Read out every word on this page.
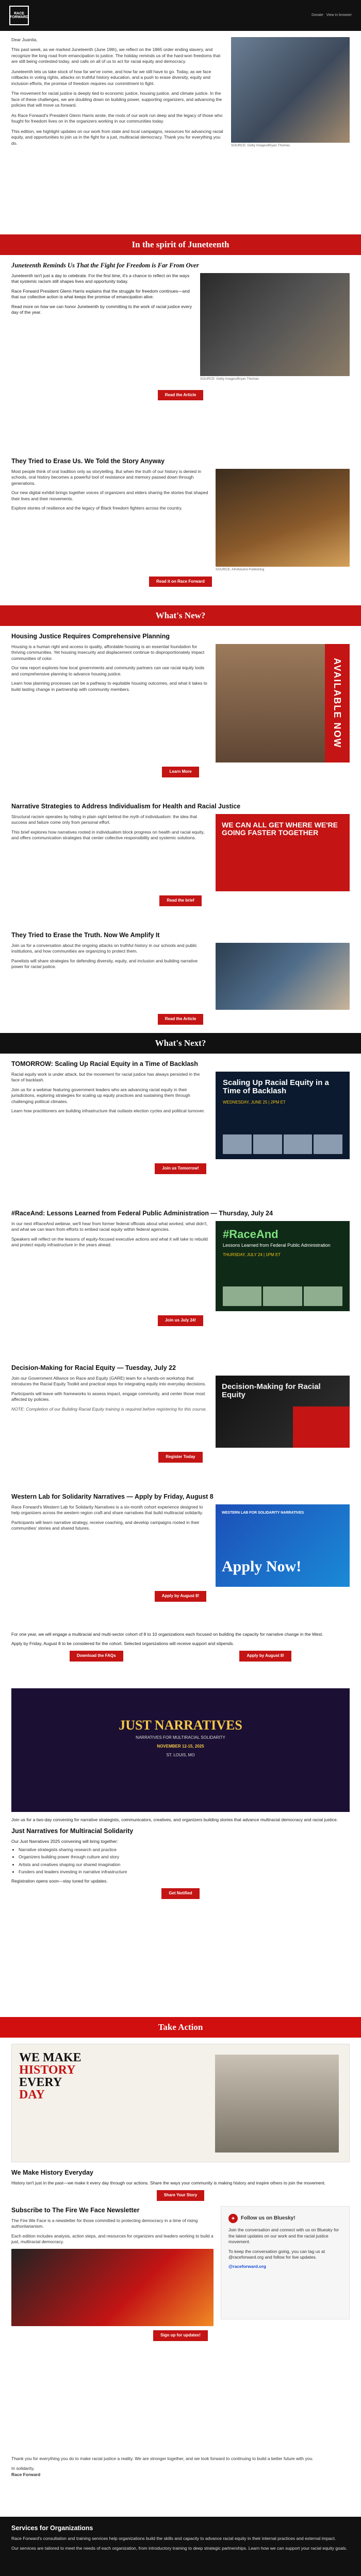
RACE
FORWARD
Donate View in browser
SOURCE: Getty Images/Bryan Thomas

Dear Juanita,

This past week, as we marked Juneteenth (June 19th), we reflect on the 1865 order ending slavery, and recognize the long road from emancipation to justice. The holiday reminds us of the hard-won freedoms that are still being contested today, and calls on all of us to act for racial equity and democracy.

Juneteenth lets us take stock of how far we've come, and how far we still have to go. Today, as we face rollbacks in voting rights, attacks on truthful history education, and a push to erase diversity, equity and inclusion efforts, the promise of freedom requires our commitment to fight.

The movement for racial justice is deeply tied to economic justice, housing justice, and climate justice. In the face of these challenges, we are doubling down on building power, supporting organizers, and advancing the policies that will move us forward.

As Race Forward's President Glenn Harris wrote, the roots of our work run deep and the legacy of those who fought for freedom lives on in the organizers working in our communities today.

This edition, we highlight updates on our work from state and local campaigns, resources for advancing racial equity, and opportunities to join us in the fight for a just, multiracial democracy. Thank you for everything you do.

In the spirit of Juneteenth
Juneteenth Reminds Us That the Fight for Freedom is Far From Over
SOURCE: Getty Images/Bryan Thomas

Juneteenth isn't just a day to celebrate. For the first time, it's a chance to reflect on the ways that systemic racism still shapes lives and opportunity today.

Race Forward President Glenn Harris explains that the struggle for freedom continues—and that our collective action is what keeps the promise of emancipation alive.

Read more on how we can honor Juneteenth by committing to the work of racial justice every day of the year.

Read the Article
They Tried to Erase Us. We Told the Story Anyway

Most people think of oral tradition only as storytelling. But when the truth of our history is denied in schools, oral history becomes a powerful tool of resistance and memory passed down through generations.

Our new digital exhibit brings together voices of organizers and elders sharing the stories that shaped their lives and their movements.

Explore stories of resilience and the legacy of Black freedom fighters across the country.

SOURCE: Afrofuturist Publishing
Read it on Race Forward
What's New?
Housing Justice Requires Comprehensive Planning

Housing is a human right and access to quality, affordable housing is an essential foundation for thriving communities. Yet housing insecurity and displacement continue to disproportionately impact communities of color.

Our new report explores how local governments and community partners can use racial equity tools and comprehensive planning to advance housing justice.

Learn how planning processes can be a pathway to equitable housing outcomes, and what it takes to build lasting change in partnership with community members.	AVAILABLE NOW
Learn More
Narrative Strategies to Address Individualism for Health and Racial Justice

Structural racism operates by hiding in plain sight behind the myth of individualism: the idea that success and failure come only from personal effort.

This brief explores how narratives rooted in individualism block progress on health and racial equity, and offers communication strategies that center collective responsibility and systemic solutions.

WE CAN ALL GET WHERE WE'RE GOING FASTER TOGETHER
Read the brief
They Tried to Erase the Truth. Now We Amplify It

Join us for a conversation about the ongoing attacks on truthful history in our schools and public institutions, and how communities are organizing to protect them.

Panelists will share strategies for defending diversity, equity, and inclusion and building narrative power for racial justice.

Read the Article
What's Next?
TOMORROW: Scaling Up Racial Equity in a Time of Backlash

Racial equity work is under attack, but the movement for racial justice has always persisted in the face of backlash.

Join us for a webinar featuring government leaders who are advancing racial equity in their jurisdictions, exploring strategies for scaling up equity practices and sustaining them through challenging political climates.

Learn how practitioners are building infrastructure that outlasts election cycles and political turnover.

Scaling Up Racial Equity in a Time of Backlash
WEDNESDAY, JUNE 25 | 2PM ET
Join us Tomorrow!
#RaceAnd: Lessons Learned from Federal Public Administration — Thursday, July 24

In our next #RaceAnd webinar, we'll hear from former federal officials about what worked, what didn't, and what we can learn from efforts to embed racial equity within federal agencies.

Speakers will reflect on the lessons of equity-focused executive actions and what it will take to rebuild and protect equity infrastructure in the years ahead.

#RaceAnd
Lessons Learned from Federal Public Administration
THURSDAY, JULY 24 | 1PM ET
Join us July 24!
Decision-Making for Racial Equity — Tuesday, July 22

Join our Government Alliance on Race and Equity (GARE) team for a hands-on workshop that introduces the Racial Equity Toolkit and practical steps for integrating equity into everyday decisions.

Participants will leave with frameworks to assess impact, engage community, and center those most affected by policies.

NOTE: Completion of our Building Racial Equity training is required before registering for this course.

Decision-Making for Racial Equity
Register Today
Western Lab for Solidarity Narratives — Apply by Friday, August 8

Race Forward's Western Lab for Solidarity Narratives is a six-month cohort experience designed to help organizers across the western region craft and share narratives that build multiracial solidarity.

Participants will learn narrative strategy, receive coaching, and develop campaigns rooted in their communities' stories and shared futures.

WESTERN LAB FOR SOLIDARITY NARRATIVES
Apply Now!
Apply by August 8!

For one year, we will engage a multiracial and multi-sector cohort of 8 to 10 organizations each focused on building the capacity for narrative change in the West.

Apply by Friday, August 8 to be considered for the cohort. Selected organizations will receive support and stipends.

Download the FAQs	Apply by August 8!
JUST NARRATIVES
NARRATIVES FOR MULTIRACIAL SOLIDARITY
NOVEMBER 12-15, 2025
ST. LOUIS, MO

Join us for a two-day convening for narrative strategists, communicators, creatives, and organizers building stories that advance multiracial democracy and racial justice.

Just Narratives for Multiracial Solidarity

Our Just Narratives 2025 convening will bring together:

• Narrative strategists sharing research and practice
• Organizers building power through culture and story
• Artists and creatives shaping our shared imagination
• Funders and leaders investing in narrative infrastructure

Registration opens soon—stay tuned for updates.

Get Notified
Take Action
WE MAKE
HISTORY
EVERY
DAY
We Make History Everyday

History isn't just in the past—we make it every day through our actions. Share the ways your community is making history and inspire others to join the movement.

Share Your Story
Subscribe to The Fire We Face Newsletter

The Fire We Face is a newsletter for those committed to protecting democracy in a time of rising authoritarianism.

Each edition includes analysis, action steps, and resources for organizers and leaders working to build a just, multiracial democracy.

✦	Follow us on Bluesky!

Join the conversation and connect with us on Bluesky for the latest updates on our work and the racial justice movement.

To keep the conversation going, you can tag us at @raceforward.org and follow for live updates.

@raceforward.org

Sign up for updates!

Thank you for everything you do to make racial justice a reality. We are stronger together, and we look forward to continuing to build a better future with you.

In solidarity,

Race Forward

Services for Organizations

Race Forward's consultation and training services help organizations build the skills and capacity to advance racial equity in their internal practices and external impact.

Our services are tailored to meet the needs of each organization, from introductory training to deep strategic partnerships. Learn how we can support your racial equity goals.
